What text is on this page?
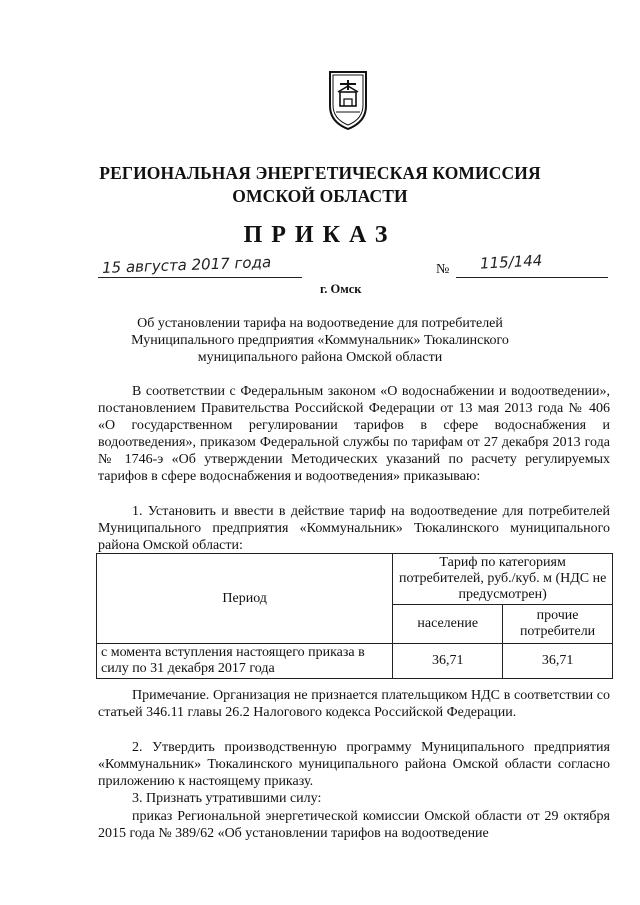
РЕГИОНАЛЬНАЯ ЭНЕРГЕТИЧЕСКАЯ КОМИССИЯ
ОМСКОЙ ОБЛАСТИ
ПРИКАЗ
15 августа 2017 года	№ 115/144
г. Омск
Об установлении тарифа на водоотведение для потребителей
Муниципального предприятия «Коммунальник» Тюкалинского
муниципального района Омской области

В соответствии с Федеральным законом «О водоснабжении и водоотведении», постановлением Правительства Российской Федерации от 13 мая 2013 года № 406 «О государственном регулировании тарифов в сфере водоснабжения и водоотведения», приказом Федеральной службы по тарифам от 27 декабря 2013 года № 1746-э «Об утверждении Методических указаний по расчету регулируемых тарифов в сфере водоснабжения и водоотведения» приказываю:

1. Установить и ввести в действие тариф на водоотведение для потребителей Муниципального предприятия «Коммунальник» Тюкалинского муниципального района Омской области:

Период	Тариф по категориям потребителей, руб./куб. м (НДС не предусмотрен)	
	население	прочие потребители
с момента вступления настоящего приказа в силу по 31 декабря 2017 года	36,71	36,71

Примечание. Организация не признается плательщиком НДС в соответствии со статьей 346.11 главы 26.2 Налогового кодекса Российской Федерации.

2. Утвердить производственную программу Муниципального предприятия «Коммунальник» Тюкалинского муниципального района Омской области согласно приложению к настоящему приказу.

3. Признать утратившими силу:

приказ Региональной энергетической комиссии Омской области от 29 октября 2015 года № 389/62 «Об установлении тарифов на водоотведение
